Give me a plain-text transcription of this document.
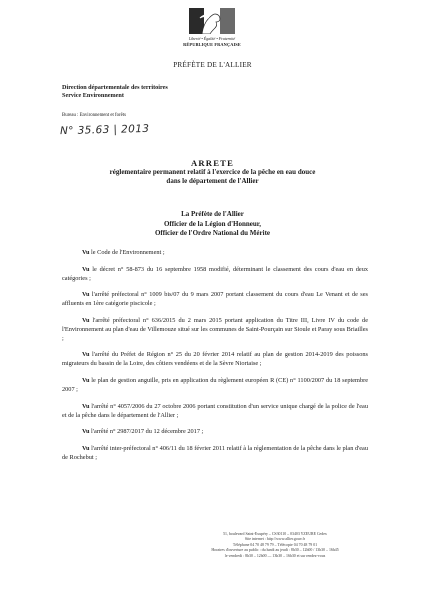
Liberté • Égalité • Fraternité
RÉPUBLIQUE FRANÇAISE
PRÉFÈTE DE L'ALLIER
Direction départementale des territoires
Service Environnement
Bureau : Environnement et forêts
N° 35.63 | 2013
ARRETE
réglementaire permanent relatif à l'exercice de la pêche en eau douce
dans le département de l'Allier
La Préfète de l'Allier
Officier de la Légion d'Honneur,
Officier de l'Ordre National du Mérite

Vu le Code de l'Environnement ;

Vu le décret n° 58-873 du 16 septembre 1958 modifié, déterminant le classement des cours d'eau en deux catégories ;

Vu l'arrêté préfectoral n° 1009 bis/07 du 9 mars 2007 portant classement du cours d'eau Le Venant et de ses affluents en 1ère catégorie piscicole ;

Vu l'arrêté préfectoral n° 636/2015 du 2 mars 2015 portant application du Titre III, Livre IV du code de l'Environnement au plan d'eau de Villemouze situé sur les communes de Saint-Pourçain sur Sioule et Paray sous Briailles ;

Vu l'arrêté du Préfet de Région n° 25 du 20 février 2014 relatif au plan de gestion 2014-2019 des poissons migrateurs du bassin de la Loire, des côtiers vendéens et de la Sèvre Niortaise ;

Vu le plan de gestion anguille, pris en application du règlement européen R (CE) n° 1100/2007 du 18 septembre 2007 ;

Vu l'arrêté n° 4057/2006 du 27 octobre 2006 portant constitution d'un service unique chargé de la police de l'eau et de la pêche dans le département de l'Allier ;

Vu l'arrêté n° 2987/2017 du 12 décembre 2017 ;

Vu l'arrêté inter-préfectoral n° 406/11 du 18 février 2011 relatif à la réglementation de la pêche dans le plan d'eau de Rochebut ;

51, boulevard Saint-Exupéry – CS30110 – 03403 YZEURE Cedex
Site internet : http://www.allier.gouv.fr
Téléphone 04 70 48 79 79 – Télécopie 04 70 48 79 01
Horaires d'ouverture au public : du lundi au jeudi : 8h30 – 12h00 / 13h30 – 16h45
le vendredi : 8h30 – 12h00 — 13h30 – 16h30 et sur rendez-vous
